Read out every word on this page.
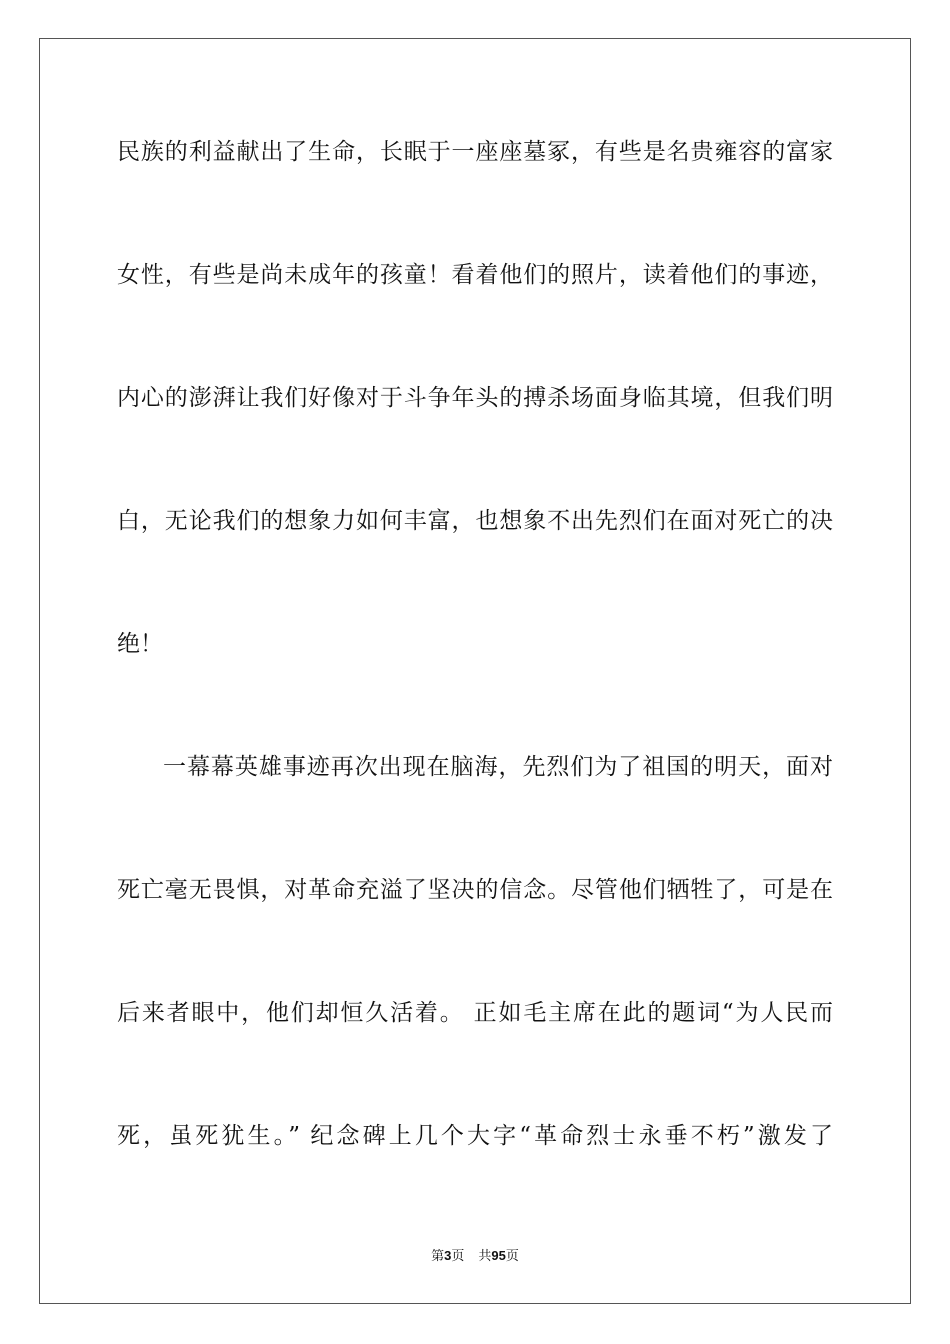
民族的利益献出了生命，长眠于一座座墓冢，有些是名贵雍容的富家
女性，有些是尚未成年的孩童！看着他们的照片，读着他们的事迹，
内心的澎湃让我们好像对于斗争年头的搏杀场面身临其境，但我们明
白，无论我们的想象力如何丰富，也想象不出先烈们在面对死亡的决
绝！
一幕幕英雄事迹再次出现在脑海，先烈们为了祖国的明天，面对
死亡毫无畏惧，对革命充溢了坚决的信念。尽管他们牺牲了，可是在
后来者眼中，他们却恒久活着。 正如毛主席在此的题词“为人民而
死，虽死犹生。” 纪念碑上几个大字“革命烈士永垂不朽”激发了
第3页 共95页
